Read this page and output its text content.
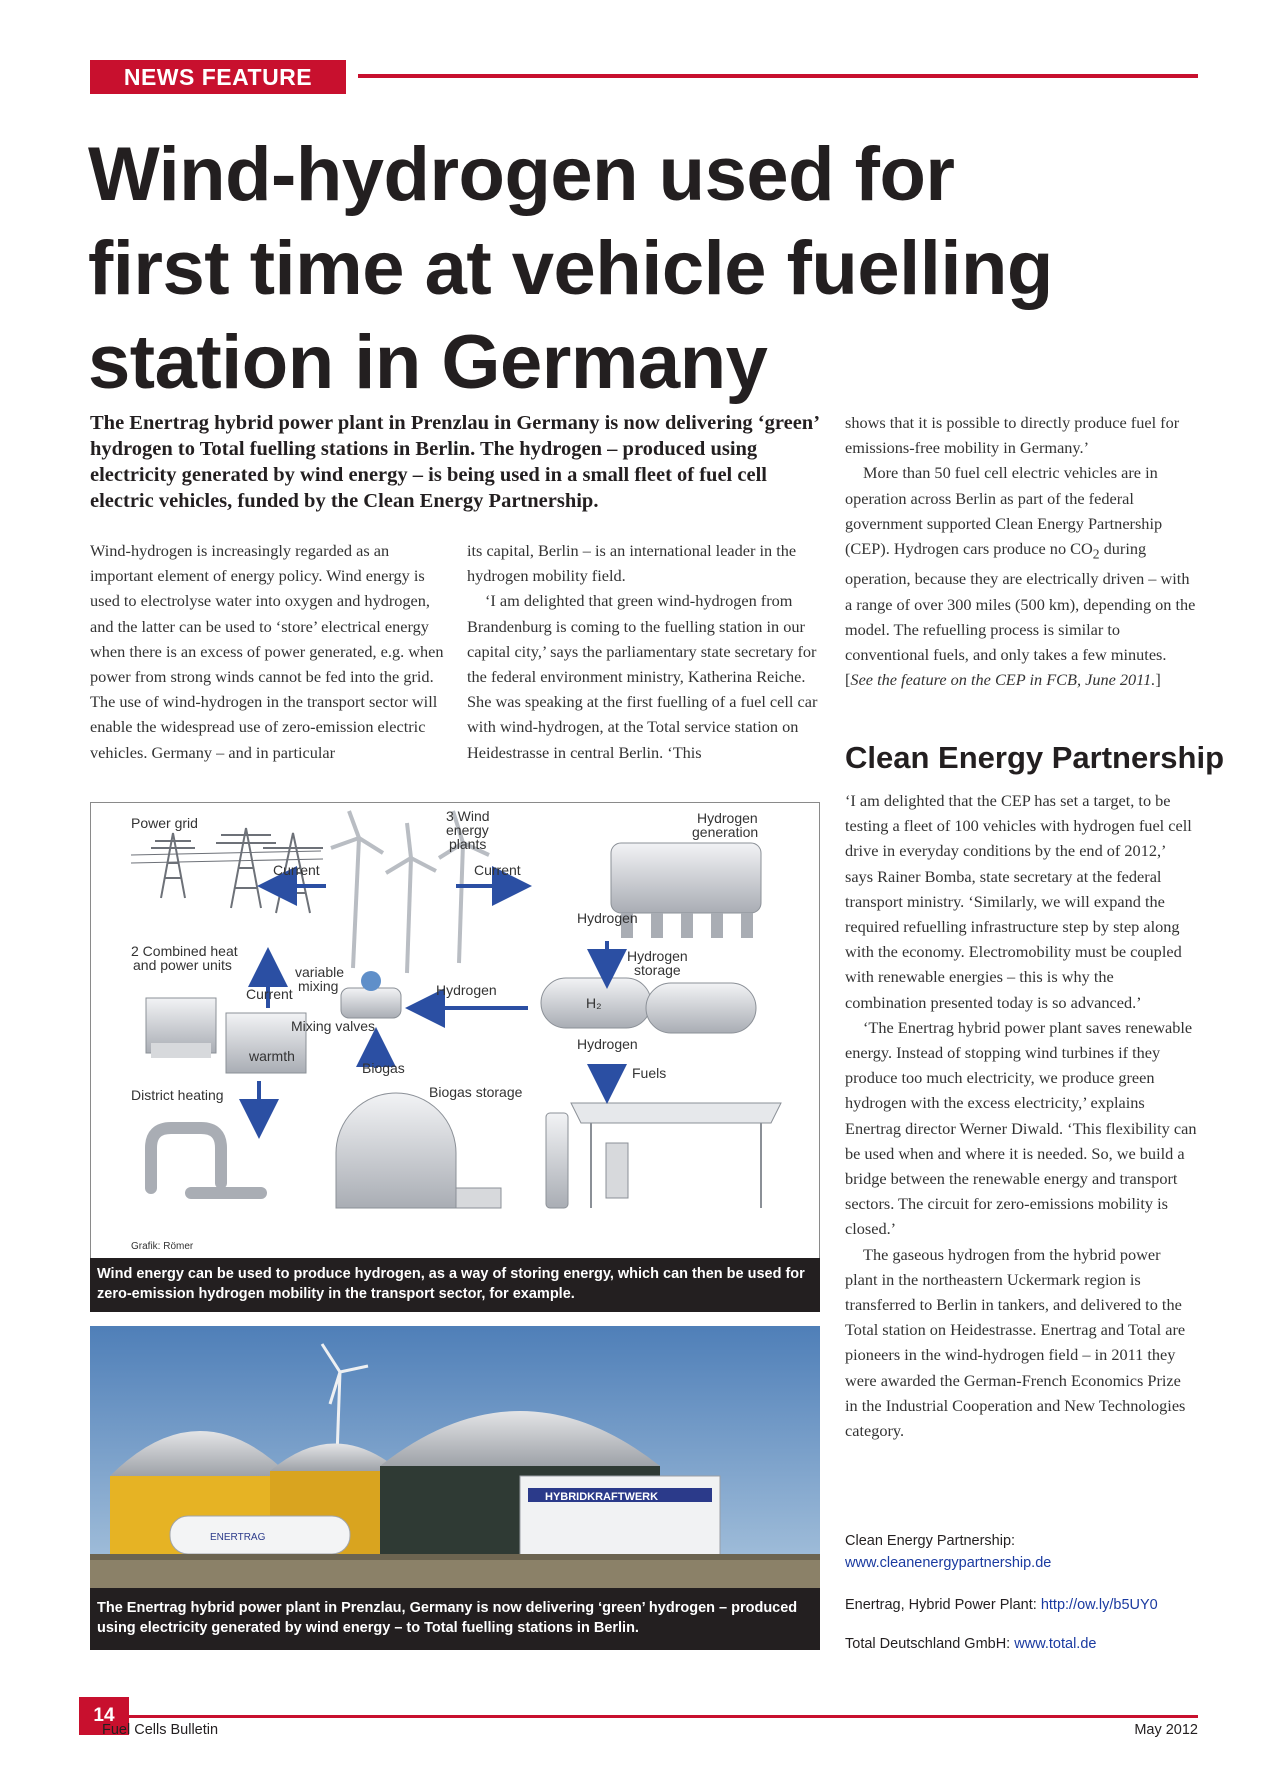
NEWS FEATURE
Wind-hydrogen used for
first time at vehicle fuelling
station in Germany
The Enertrag hybrid power plant in Prenzlau in Germany is now delivering ‘green’ hydrogen to Total fuelling stations in Berlin. The hydrogen – produced using electricity generated by wind energy – is being used in a small fleet of fuel cell electric vehicles, funded by the Clean Energy Partnership.

Wind-hydrogen is increasingly regarded as an important element of energy policy. Wind energy is used to electrolyse water into oxygen and hydrogen, and the latter can be used to ‘store’ electrical energy when there is an excess of power generated, e.g. when power from strong winds cannot be fed into the grid. The use of wind-hydrogen in the transport sector will enable the widespread use of zero-emission electric vehicles. Germany – and in particular

its capital, Berlin – is an international leader in the hydrogen mobility field.

‘I am delighted that green wind-hydrogen from Brandenburg is coming to the fuelling station in our capital city,’ says the parliamentary state secretary for the federal environment ministry, Katherina Reiche. She was speaking at the first fuelling of a fuel cell car with wind-hydrogen, at the Total service station on Heidestrasse in central Berlin. ‘This

shows that it is possible to directly produce fuel for emissions-free mobility in Germany.’

More than 50 fuel cell electric vehicles are in operation across Berlin as part of the federal government supported Clean Energy Partnership (CEP). Hydrogen cars produce no $CO_2$ during operation, because they are electrically driven – with a range of over 300 miles (500 km), depending on the model. The refuelling process is similar to conventional fuels, and only takes a few minutes. [See the feature on the CEP in FCB, June 2011.]

Clean Energy Partnership

‘I am delighted that the CEP has set a target, to be testing a fleet of 100 vehicles with hydrogen fuel cell drive in everyday conditions by the end of 2012,’ says Rainer Bomba, state secretary at the federal transport ministry. ‘Similarly, we will expand the required refuelling infrastructure step by step along with the economy. Electromobility must be coupled with renewable energies – this is why the combination presented today is so advanced.’

‘The Enertrag hybrid power plant saves renewable energy. Instead of stopping wind turbines if they produce too much electricity, we produce green hydrogen with the excess electricity,’ explains Enertrag director Werner Diwald. ‘This flexibility can be used when and where it is needed. So, we build a bridge between the renewable energy and transport sectors. The circuit for zero-emissions mobility is closed.’

The gaseous hydrogen from the hybrid power plant in the northeastern Uckermark region is transferred to Berlin in tankers, and delivered to the Total station on Heidestrasse. Enertrag and Total are pioneers in the wind-hydrogen field – in 2011 they were awarded the German-French Economics Prize in the Industrial Cooperation and New Technologies category.

H₂
Power grid	3 Wind
energy
plants
Hydrogen
generation
Current	Current
Hydrogen
2 Combined heat
and power units	variable
mixing
Current	Hydrogen
Hydrogen
storage
Mixing valves
Hydrogen
warmth
Biogas	Fuels
District heating	Biogas storage
Grafik: Römer
Wind energy can be used to produce hydrogen, as a way of storing energy, which can then be used for zero-emission hydrogen mobility in the transport sector, for example.
HYBRIDKRAFTWERK
ENERTRAG
The Enertrag hybrid power plant in Prenzlau, Germany is now delivering ‘green’ hydrogen – produced using electricity generated by wind energy – to Total fuelling stations in Berlin.
Clean Energy Partnership:
www.cleanenergypartnership.de
Enertrag, Hybrid Power Plant: http://ow.ly/b5UY0
Total Deutschland GmbH: www.total.de
14
Fuel Cells Bulletin	May 2012
